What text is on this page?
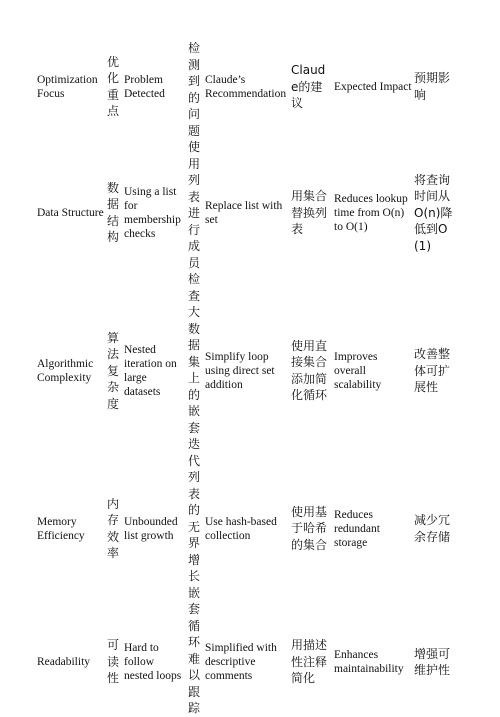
Optimization Focus	优化重点	Problem Detected	检测到的问题使用列表进行成员检查大数据集上的嵌套迭代列表的无界增长嵌套循环难以跟踪	Claude’s Recommendation	Claude的建议	Expected Impact	预期影响
Data Structure	数据结构	Using a list for membership checks		Replace list with set	用集合替换列表	Reduces lookup time from O(n) to O(1)	将查询时间从O(n)降低到O(1)
Algorithmic Complexity	算法复杂度	Nested iteration on large datasets		Simplify loop using direct set addition	使用直接集合添加简化循环	Improves overall scalability	改善整体可扩展性
Memory Efficiency	内存效率	Unbounded list growth		Use hash-based collection	使用基于哈希的集合	Reduces redundant storage	减少冗余存储
Readability	可读性	Hard to follow nested loops		Simplified with descriptive comments	用描述性注释简化	Enhances maintainability	增强可维护性
